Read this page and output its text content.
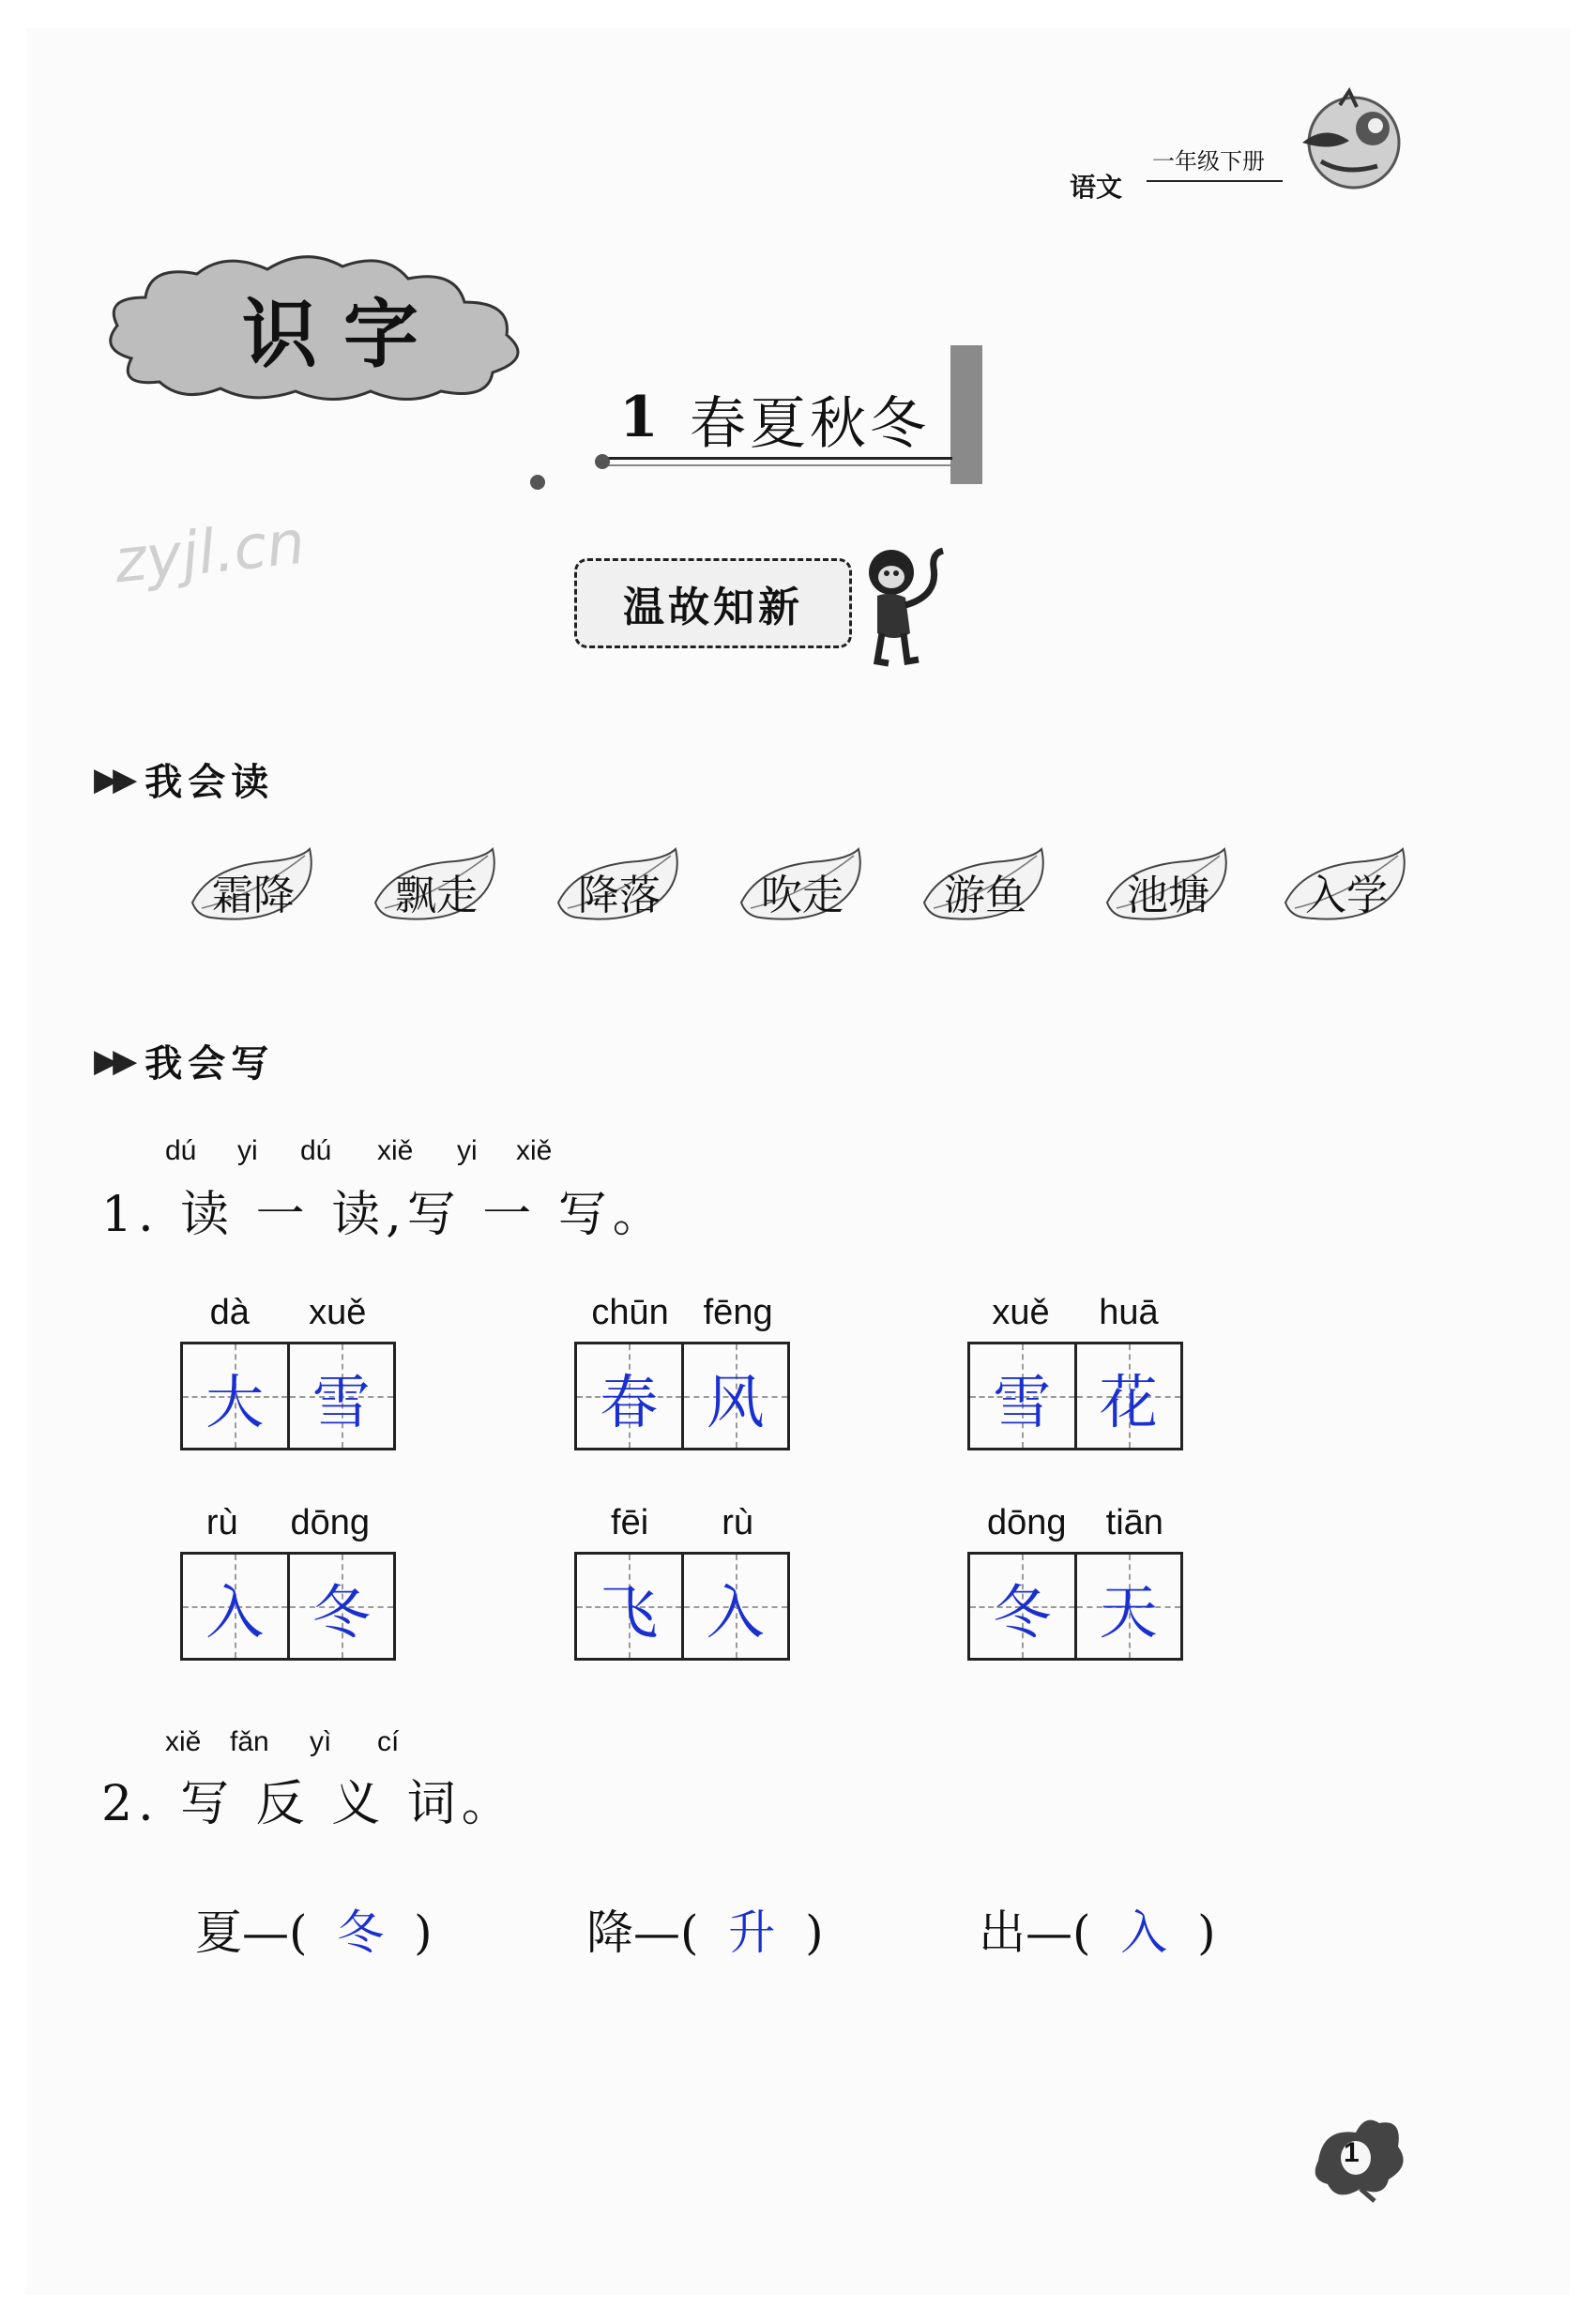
一年级下册
语文
识字
1 春夏秋冬
zyjl.cn
温故知新
▶▶ 我会读
霜降	飘走	降落	吹走	游鱼	池塘	入学
▶▶ 我会写
dú yi dú xiě yi xiě
1. 读 一 读,写 一 写。
dà xuě
大 雪
chūn fēng
春 风
xuě huā
雪 花
rù dōng
入 冬
fēi rù
飞 入
dōng tiān
冬 天
xiě fǎn yì cí
2. 写 反 义 词。
夏—(  冬  )	降—(  升  )	出—(  入  )
1
